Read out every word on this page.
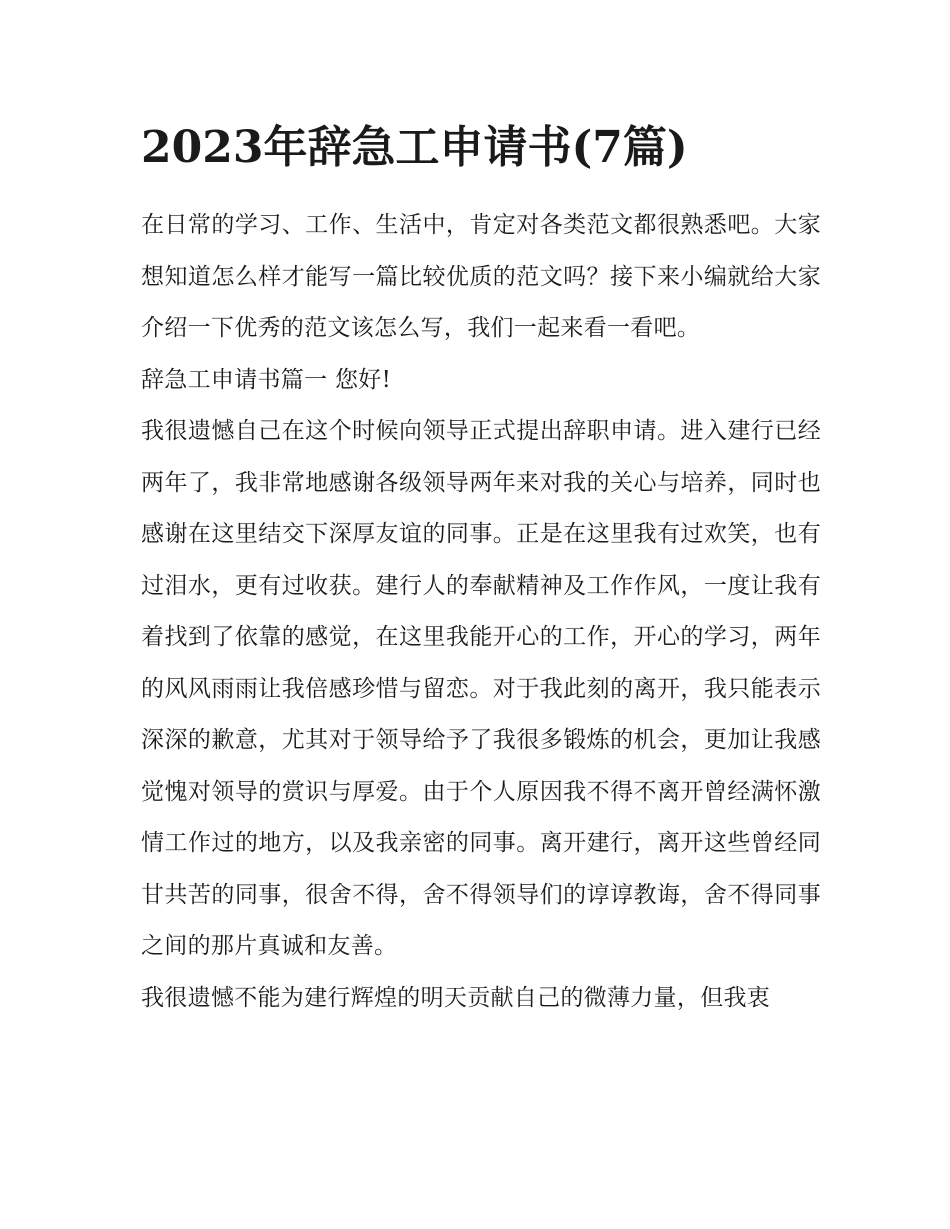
2023年辞急工申请书(7篇)

在日常的学习、工作、生活中，肯定对各类范文都很熟悉吧。大家想知道怎么样才能写一篇比较优质的范文吗？接下来小编就给大家介绍一下优秀的范文该怎么写，我们一起来看一看吧。

辞急工申请书篇一 您好!

我很遗憾自己在这个时候向领导正式提出辞职申请。进入建行已经两年了，我非常地感谢各级领导两年来对我的关心与培养，同时也感谢在这里结交下深厚友谊的同事。正是在这里我有过欢笑，也有过泪水，更有过收获。建行人的奉献精神及工作作风，一度让我有着找到了依靠的感觉，在这里我能开心的工作，开心的学习，两年的风风雨雨让我倍感珍惜与留恋。对于我此刻的离开，我只能表示深深的歉意，尤其对于领导给予了我很多锻炼的机会，更加让我感觉愧对领导的赏识与厚爱。由于个人原因我不得不离开曾经满怀激情工作过的地方，以及我亲密的同事。离开建行，离开这些曾经同甘共苦的同事，很舍不得，舍不得领导们的谆谆教诲，舍不得同事之间的那片真诚和友善。

我很遗憾不能为建行辉煌的明天贡献自己的微薄力量，但我衷
